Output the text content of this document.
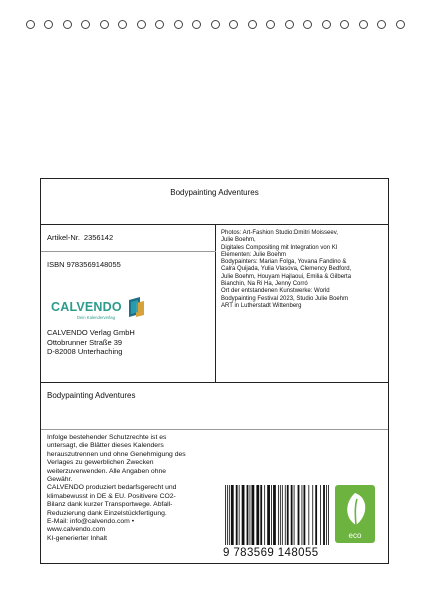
Bodypainting Adventures
Artikel-Nr. 2356142
ISBN 9783569148055
CALVENDO
Dein Kalenderverlag
CALVENDO Verlag GmbH
Ottobrunner Straße 39
D-82008 Unterhaching
Photos: Art-Fashion Studio:Dmitri Moisseev,
Julie Boehm,
Digitales Compositing mit Integration von KI
Elementen: Julie Boehm
Bodypainters: Marian Folga, Yovana Fandino &
Calra Quijada, Yulia Vlasova, Clemency Bedford,
Julie Boehm, Houyam Hajlaoui, Emilia & Gilberta
Bianchin, Na Ri Ha, Jenny Corró
Ort der entstandenen Kunstwerke: World
Bodypainting Festival 2023, Studio Julie Boehm
ART in Lutherstadt Wittenberg
Bodypainting Adventures
Infolge bestehender Schutzrechte ist es
untersagt, die Blätter dieses Kalenders
herauszutrennen und ohne Genehmigung des
Verlages zu gewerblichen Zwecken
weiterzuverwenden. Alle Angaben ohne
Gewähr.
CALVENDO produziert bedarfsgerecht und
klimabewusst in DE & EU. Positivere CO2-
Bilanz dank kurzer Transportwege. Abfall-
Reduzierung dank Einzelstückfertigung.
E-Mail: info@calvendo.com •
www.calvendo.com
KI-generierter Inhalt
9 783569 148055
eco
